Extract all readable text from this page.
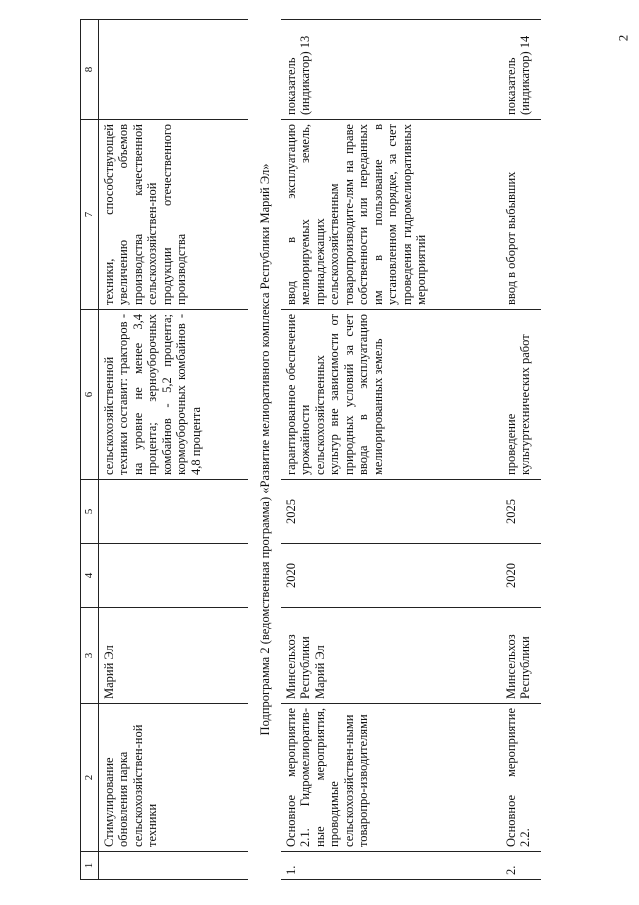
2
1	2	3	4	5	6	7	8
	Стимулирование обновления парка сельскохозяйствен-ной техники	Марий Эл			сельскохозяйственной техники составит: тракторов - на уровне не менее 3,4 процента; зерноуборочных комбайнов - 5,2 процента; кормоуборочных комбайнов - 4,8 процента	техники, способствующей увеличению объемов производства качественной сельскохозяйствен-ной продукции отечественного производства	
Подпрограмма 2 (ведомственная программа) «Развитие мелиоративного комплекса Республики Марий Эл»							
1.	Основное мероприятие 2.1. Гидромелиоратив-ные мероприятия, проводимые сельскохозяйствен-ными товаропро-изводителями	Минсельхоз Республики Марий Эл	2020	2025	гарантированное обеспечение урожайности сельскохозяйственных культур вне зависимости от природных условий за счет ввода в эксплуатацию мелиорированных земель	ввод в эксплуатацию мелиорируемых земель, принадлежащих сельскохозяйственным товаропроизводите-лям на праве собственности или переданных им в пользование в установленном порядке, за счет проведения гидромелиоративных мероприятий	показатель (индикатор) 13
2.	Основное мероприятие 2.2.	Минсельхоз Республики	2020	2025	проведение культуртехнических работ	ввод в оборот выбывших	показатель (индикатор) 14
